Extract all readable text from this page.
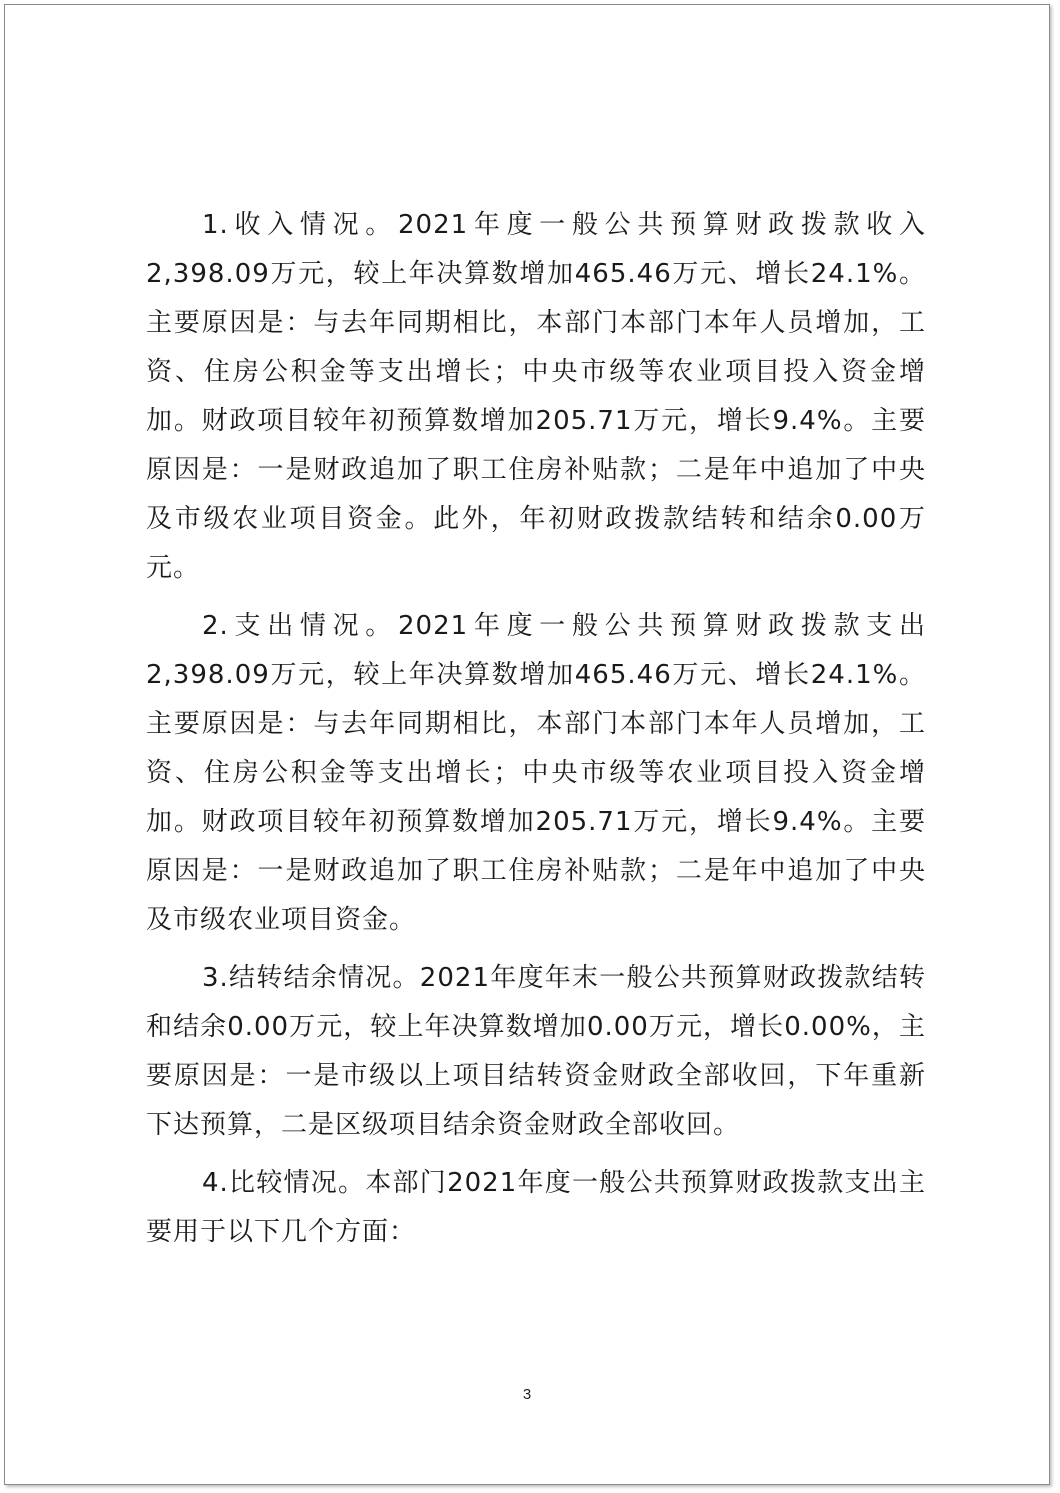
1.收入情况。2021年度一般公共预算财政拨款收入2,398.09万元，较上年决算数增加465.46万元、增长24.1%。主要原因是：与去年同期相比，本部门本部门本年人员增加，工资、住房公积金等支出增长；中央市级等农业项目投入资金增加。财政项目较年初预算数增加205.71万元，增长9.4%。主要原因是：一是财政追加了职工住房补贴款；二是年中追加了中央及市级农业项目资金。此外，年初财政拨款结转和结余0.00万元。

2.支出情况。2021年度一般公共预算财政拨款支出2,398.09万元，较上年决算数增加465.46万元、增长24.1%。主要原因是：与去年同期相比，本部门本部门本年人员增加，工资、住房公积金等支出增长；中央市级等农业项目投入资金增加。财政项目较年初预算数增加205.71万元，增长9.4%。主要原因是：一是财政追加了职工住房补贴款；二是年中追加了中央及市级农业项目资金。

3.结转结余情况。2021年度年末一般公共预算财政拨款结转和结余0.00万元，较上年决算数增加0.00万元，增长0.00%，主要原因是：一是市级以上项目结转资金财政全部收回，下年重新下达预算，二是区级项目结余资金财政全部收回。

4.比较情况。本部门2021年度一般公共预算财政拨款支出主要用于以下几个方面：

3
